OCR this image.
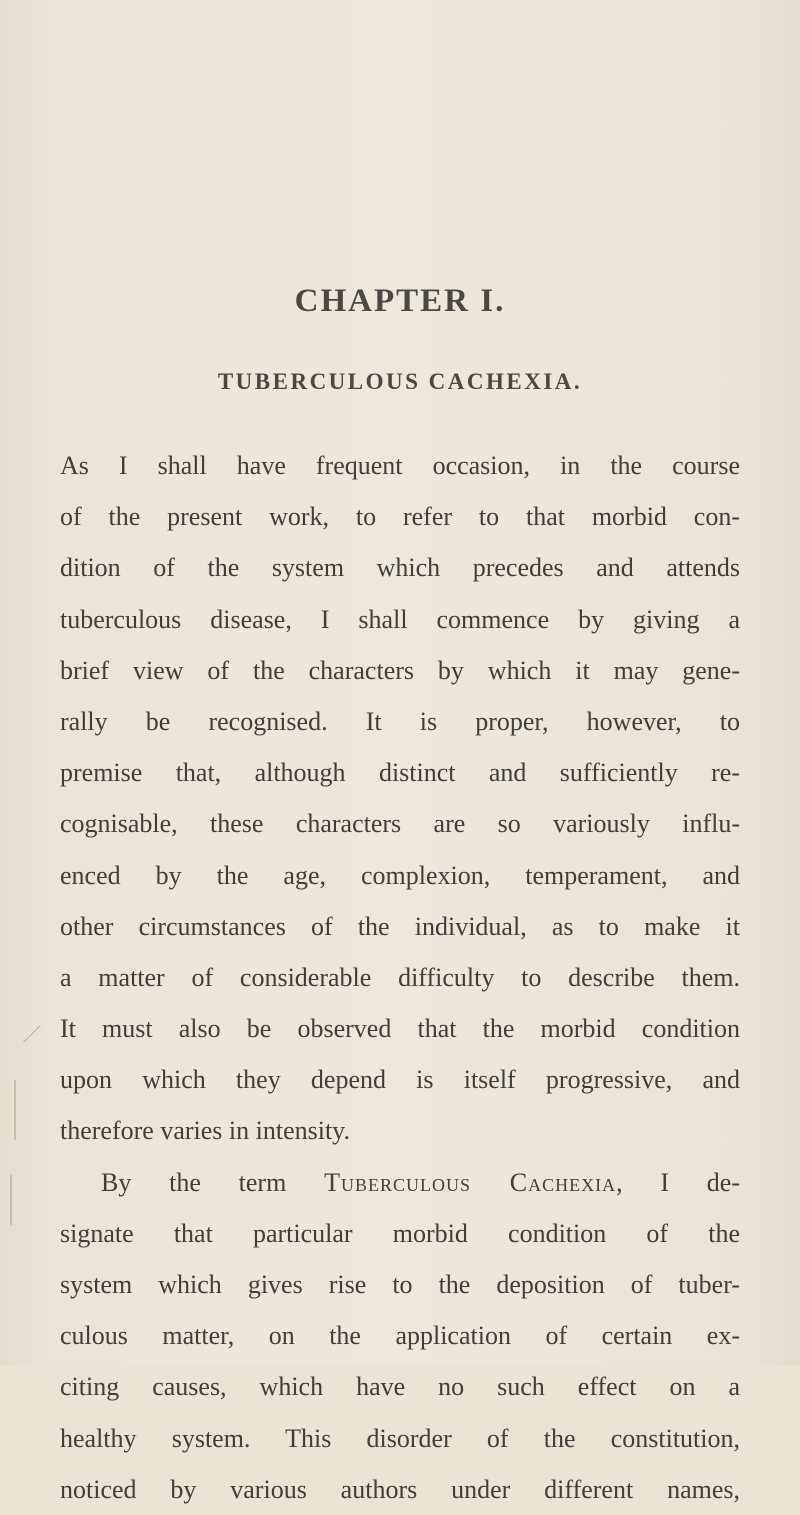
CHAPTER I.
TUBERCULOUS CACHEXIA.
As I shall have frequent occasion, in the course
of the present work, to refer to that morbid con-
dition of the system which precedes and attends
tuberculous disease, I shall commence by giving a
brief view of the characters by which it may gene-
rally be recognised. It is proper, however, to
premise that, although distinct and sufficiently re-
cognisable, these characters are so variously influ-
enced by the age, complexion, temperament, and
other circumstances of the individual, as to make it
a matter of considerable difficulty to describe them.
It must also be observed that the morbid condition
upon which they depend is itself progressive, and
therefore varies in intensity.
By the term Tuberculous Cachexia, I de-
signate that particular morbid condition of the
system which gives rise to the deposition of tuber-
culous matter, on the application of certain ex-
citing causes, which have no such effect on a
healthy system. This disorder of the constitution,
noticed by various authors under different names,
